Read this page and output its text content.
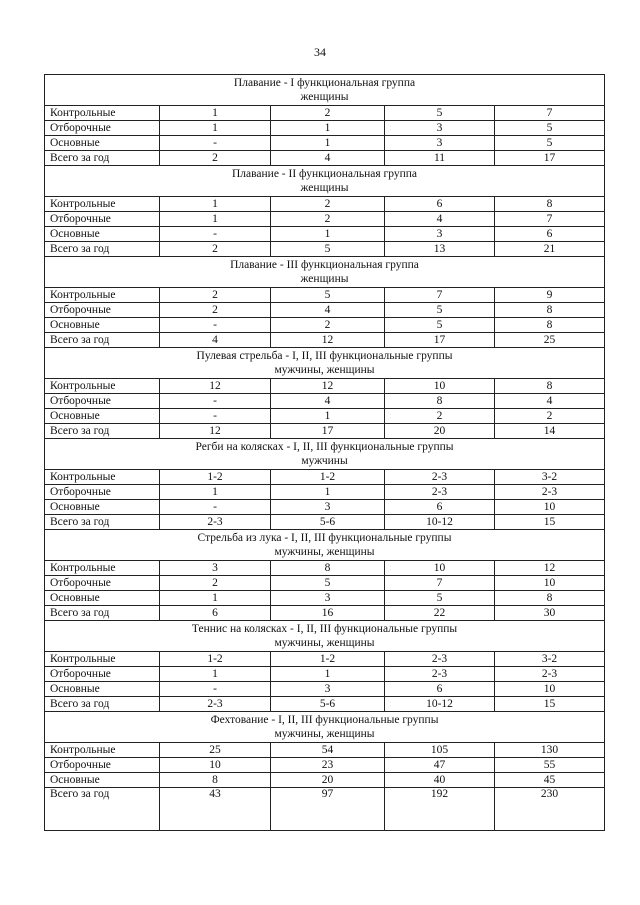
34
Плавание - I функциональная группа
женщины				

Контрольные	1	2	5	7
Отборочные	1	1	3	5
Основные	-	1	3	5
Всего за год	2	4	11	17

Плавание - II функциональная группа
женщины				

Контрольные	1	2	6	8
Отборочные	1	2	4	7
Основные	-	1	3	6
Всего за год	2	5	13	21

Плавание - III функциональная группа
женщины				

Контрольные	2	5	7	9
Отборочные	2	4	5	8
Основные	-	2	5	8
Всего за год	4	12	17	25

Пулевая стрельба - I, II, III функциональные группы
мужчины, женщины				

Контрольные	12	12	10	8
Отборочные	-	4	8	4
Основные	-	1	2	2
Всего за год	12	17	20	14

Регби на колясках - I, II, III функциональные группы
мужчины				

Контрольные	1-2	1-2	2-3	3-2
Отборочные	1	1	2-3	2-3
Основные	-	3	6	10
Всего за год	2-3	5-6	10-12	15

Стрельба из лука - I, II, III функциональные группы
мужчины, женщины				

Контрольные	3	8	10	12
Отборочные	2	5	7	10
Основные	1	3	5	8
Всего за год	6	16	22	30

Теннис на колясках - I, II, III функциональные группы
мужчины, женщины				

Контрольные	1-2	1-2	2-3	3-2
Отборочные	1	1	2-3	2-3
Основные	-	3	6	10
Всего за год	2-3	5-6	10-12	15

Фехтование - I, II, III функциональные группы
мужчины, женщины				

Контрольные	25	54	105	130
Отборочные	10	23	47	55
Основные	8	20	40	45
Всего за год	43	97	192	230
